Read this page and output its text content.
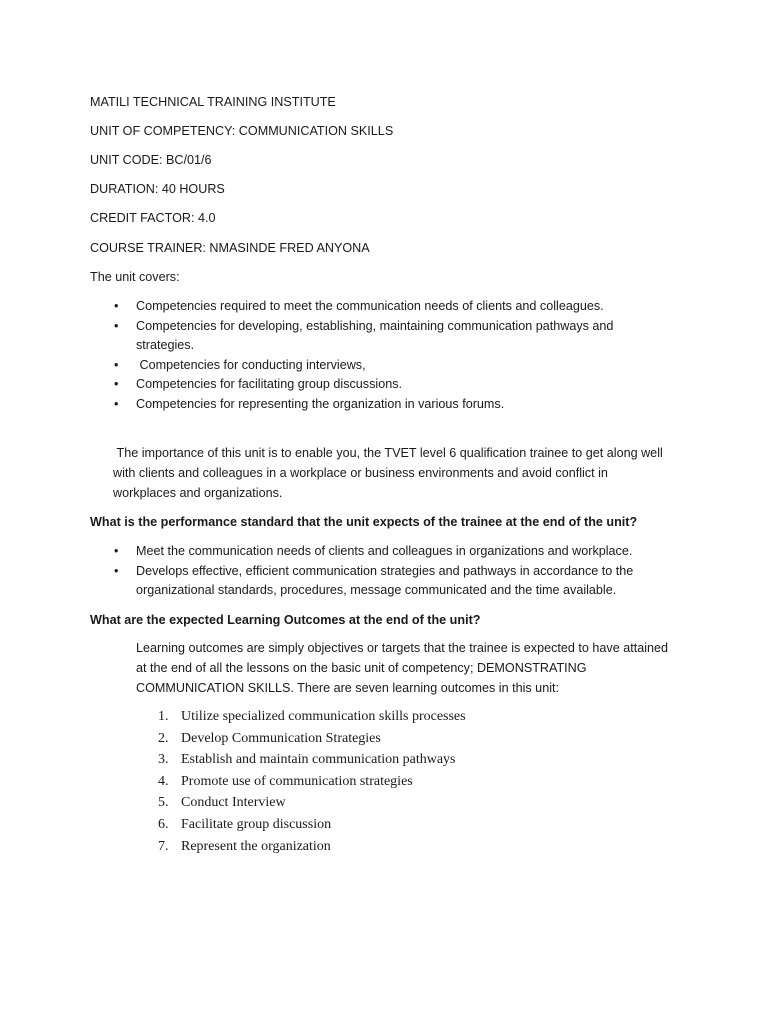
MATILI TECHNICAL TRAINING INSTITUTE
UNIT OF COMPETENCY: COMMUNICATION SKILLS
UNIT CODE: BC/01/6
DURATION: 40 HOURS
CREDIT FACTOR: 4.0
COURSE TRAINER: NMASINDE FRED ANYONA
The unit covers:
• Competencies required to meet the communication needs of clients and colleagues.
• Competencies for developing, establishing, maintaining communication pathways and strategies.
• Competencies for conducting interviews,
• Competencies for facilitating group discussions.
• Competencies for representing the organization in various forums.
The importance of this unit is to enable you, the TVET level 6 qualification trainee to get along well with clients and colleagues in a workplace or business environments and avoid conflict in workplaces and organizations.
What is the performance standard that the unit expects of the trainee at the end of the unit?
• Meet the communication needs of clients and colleagues in organizations and workplace.
• Develops effective, efficient communication strategies and pathways in accordance to the organizational standards, procedures, message communicated and the time available.
What are the expected Learning Outcomes at the end of the unit?
Learning outcomes are simply objectives or targets that the trainee is expected to have attained at the end of all the lessons on the basic unit of competency; DEMONSTRATING COMMUNICATION SKILLS. There are seven learning outcomes in this unit:
1. Utilize specialized communication skills processes
2. Develop Communication Strategies
3. Establish and maintain communication pathways
4. Promote use of communication strategies
5. Conduct Interview
6. Facilitate group discussion
7. Represent the organization
